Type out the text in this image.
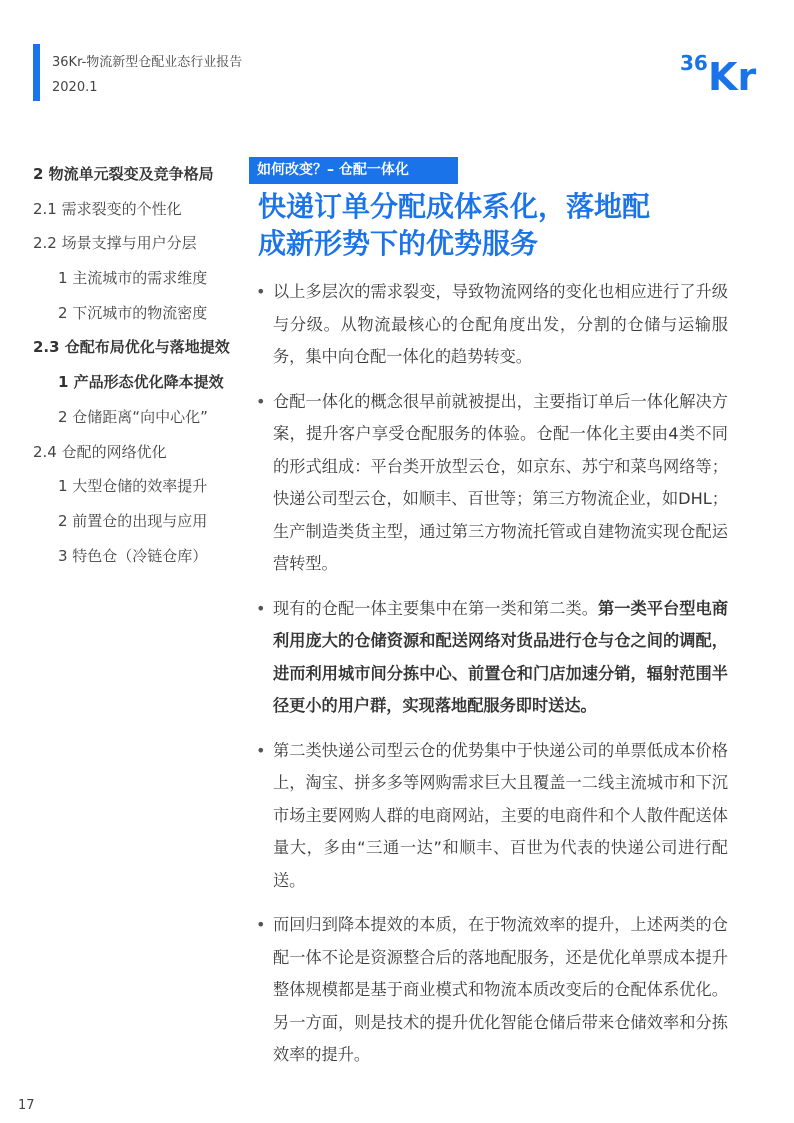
36Kr-物流新型仓配业态行业报告
2020.1
36 Kr
2 物流单元裂变及竞争格局
2.1 需求裂变的个性化
2.2 场景支撑与用户分层
1 主流城市的需求维度
2 下沉城市的物流密度
2.3 仓配布局优化与落地提效
1 产品形态优化降本提效
2 仓储距离“向中心化”
2.4 仓配的网络优化
1 大型仓储的效率提升
2 前置仓的出现与应用
3 特色仓（冷链仓库）
如何改变？– 仓配一体化
快递订单分配成体系化，落地配
成新形势下的优势服务
• 以上多层次的需求裂变，导致物流网络的变化也相应进行了升级与分级。从物流最核心的仓配角度出发，分割的仓储与运输服务，集中向仓配一体化的趋势转变。
• 仓配一体化的概念很早前就被提出，主要指订单后一体化解决方案，提升客户享受仓配服务的体验。仓配一体化主要由4类不同的形式组成：平台类开放型云仓，如京东、苏宁和菜鸟网络等；快递公司型云仓，如顺丰、百世等；第三方物流企业，如DHL；生产制造类货主型，通过第三方物流托管或自建物流实现仓配运营转型。
• 现有的仓配一体主要集中在第一类和第二类。第一类平台型电商利用庞大的仓储资源和配送网络对货品进行仓与仓之间的调配，进而利用城市间分拣中心、前置仓和门店加速分销，辐射范围半径更小的用户群，实现落地配服务即时送达。
• 第二类快递公司型云仓的优势集中于快递公司的单票低成本价格上，淘宝、拼多多等网购需求巨大且覆盖一二线主流城市和下沉市场主要网购人群的电商网站，主要的电商件和个人散件配送体量大，多由“三通一达”和顺丰、百世为代表的快递公司进行配送。
• 而回归到降本提效的本质，在于物流效率的提升，上述两类的仓配一体不论是资源整合后的落地配服务，还是优化单票成本提升整体规模都是基于商业模式和物流本质改变后的仓配体系优化。另一方面，则是技术的提升优化智能仓储后带来仓储效率和分拣效率的提升。
17
